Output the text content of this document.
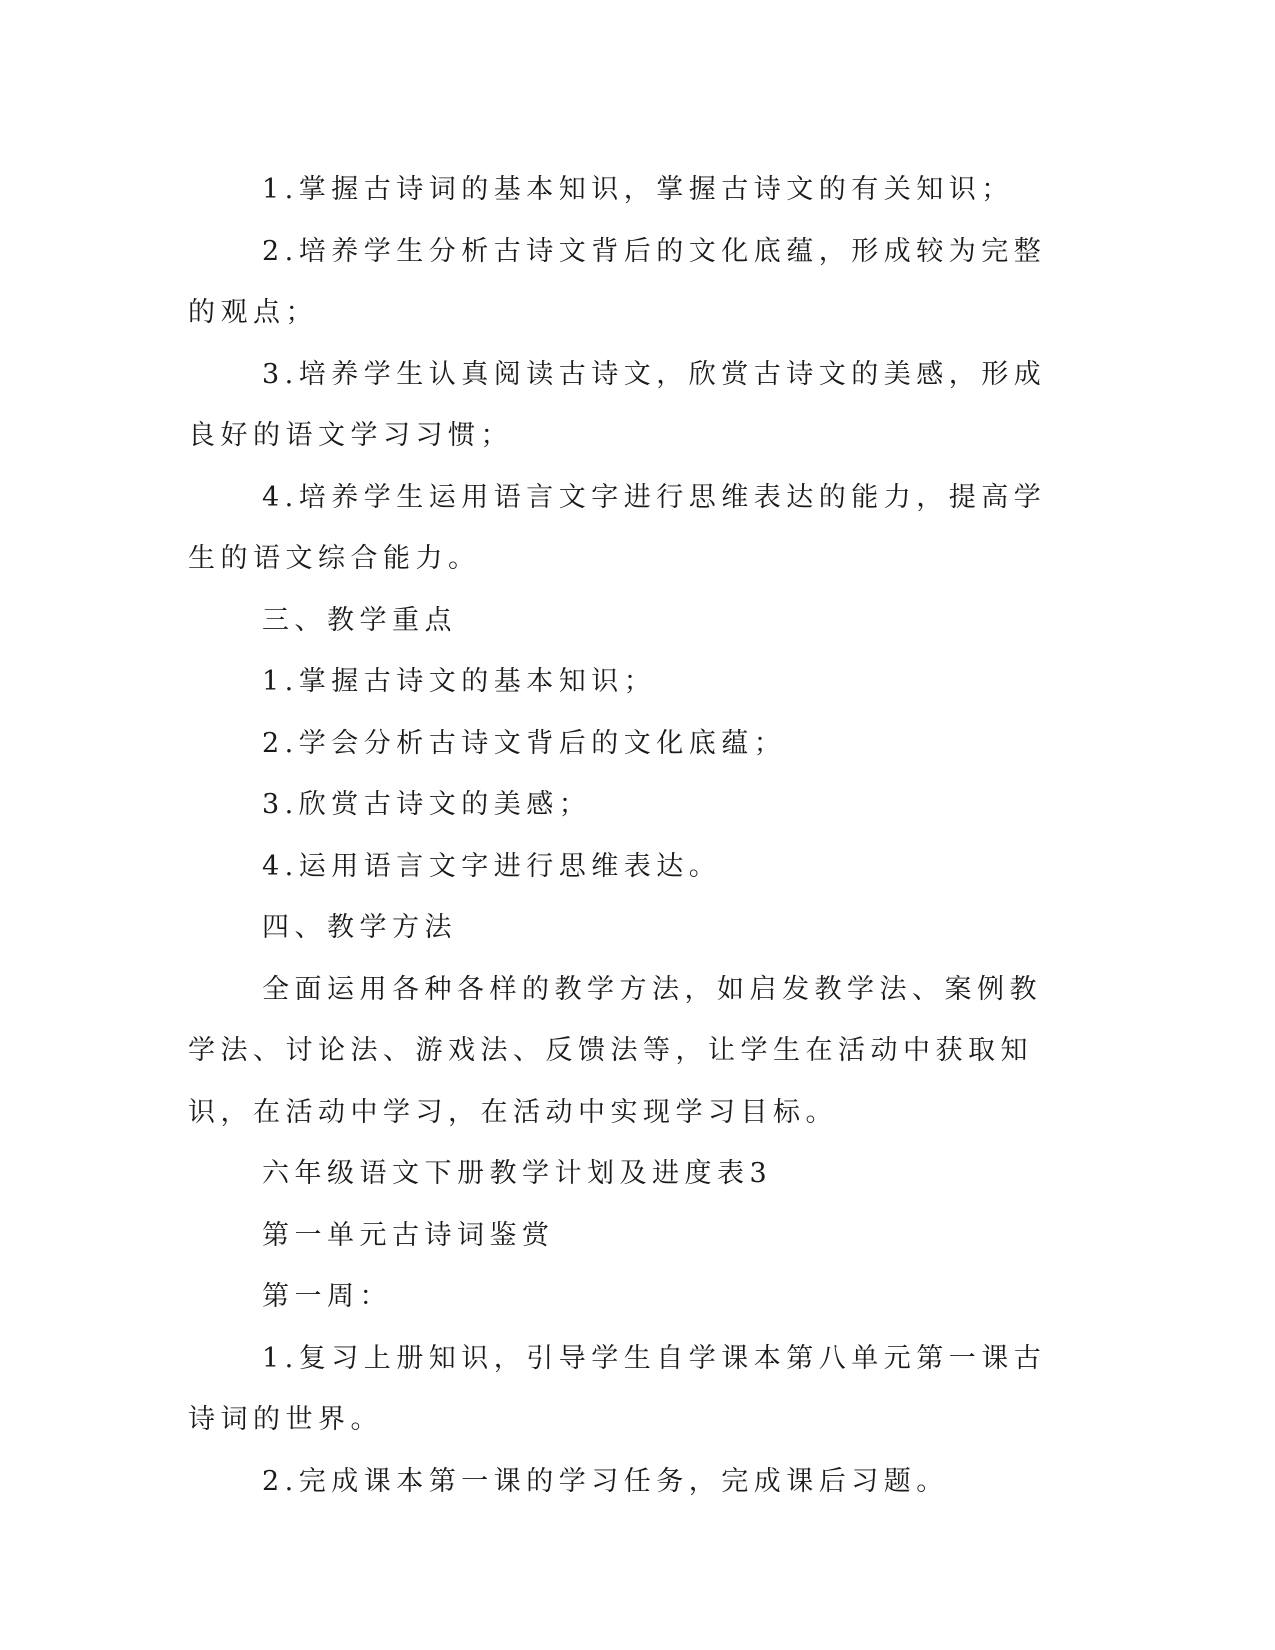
1.掌握古诗词的基本知识，掌握古诗文的有关知识；

2.培养学生分析古诗文背后的文化底蕴，形成较为完整的观点；

3.培养学生认真阅读古诗文，欣赏古诗文的美感，形成良好的语文学习习惯；

4.培养学生运用语言文字进行思维表达的能力，提高学生的语文综合能力。

三、教学重点

1.掌握古诗文的基本知识；

2.学会分析古诗文背后的文化底蕴；

3.欣赏古诗文的美感；

4.运用语言文字进行思维表达。

四、教学方法

全面运用各种各样的教学方法，如启发教学法、案例教学法、讨论法、游戏法、反馈法等，让学生在活动中获取知识，在活动中学习，在活动中实现学习目标。

六年级语文下册教学计划及进度表3

第一单元古诗词鉴赏

第一周：

1.复习上册知识，引导学生自学课本第八单元第一课古诗词的世界。

2.完成课本第一课的学习任务，完成课后习题。
